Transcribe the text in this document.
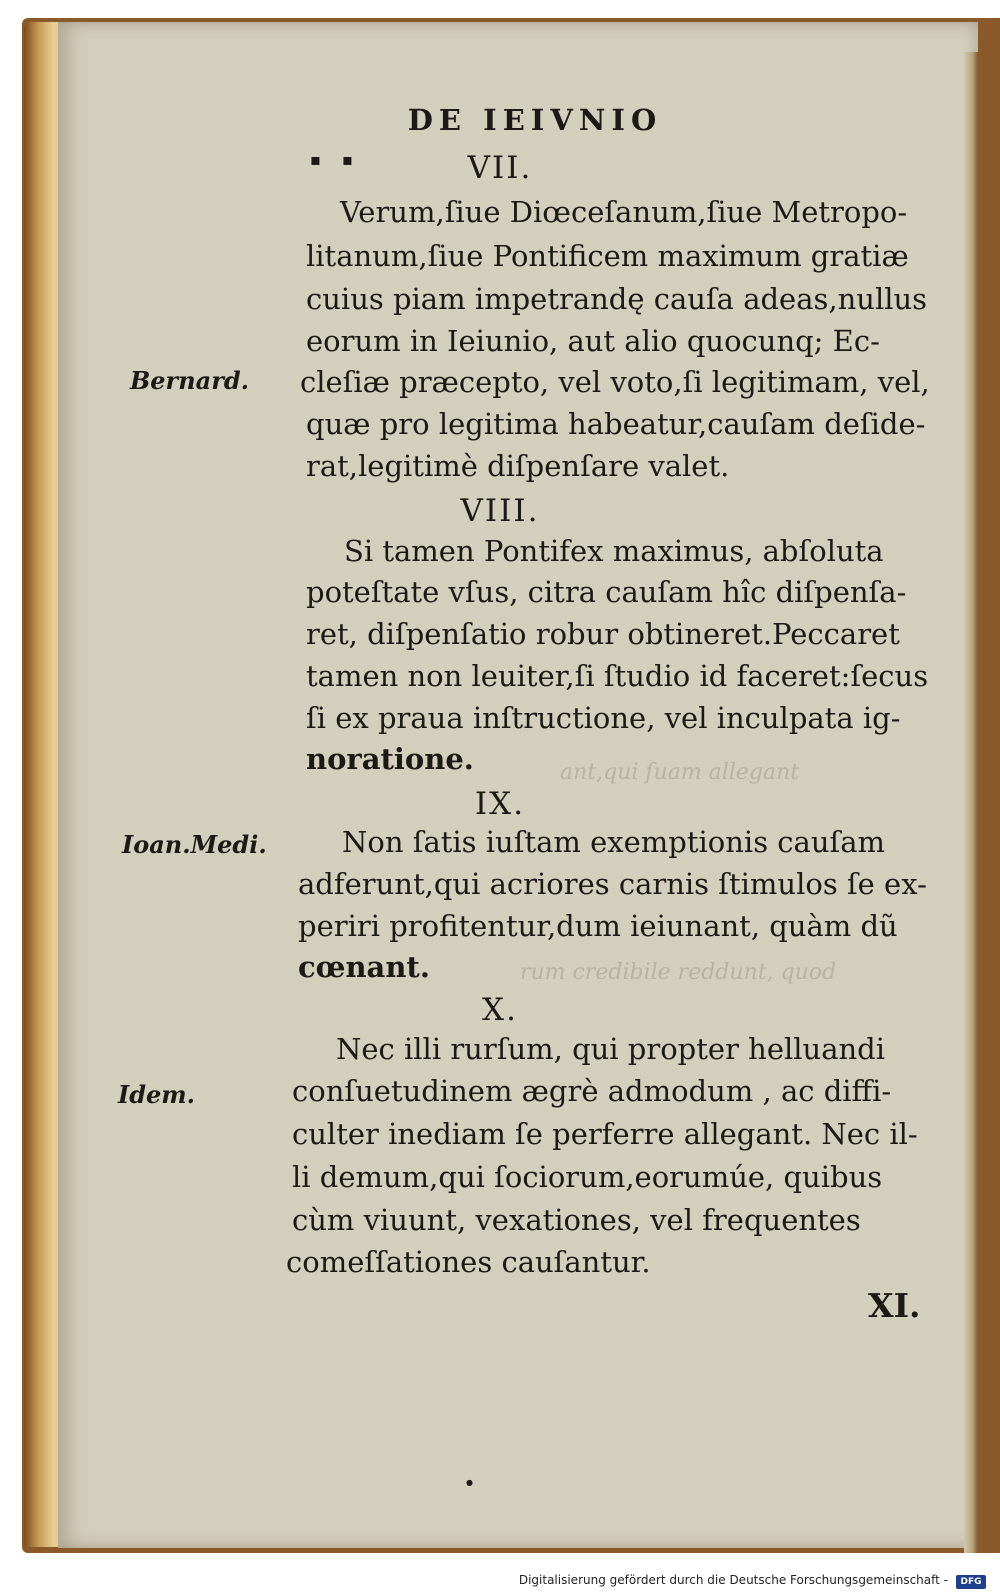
ant,qui ſuam allegant
rum credibile reddunt, quod
DE IEIVNIO
VII.
Verum,ſiue Diœceſanum,ſiue Metropo-
litanum,ſiue Pontificem maximum gratiæ
cuius piam impetrandę cauſa adeas,nullus
eorum in Ieiunio, aut alio quocunq; Ec-
cleſiæ præcepto, vel voto,ſi legitimam, vel,
quæ pro legitima habeatur,cauſam deſide-
rat,legitimè diſpenſare valet.
Bernard.
VIII.
Si tamen Pontifex maximus, abſoluta
poteſtate vſus, citra cauſam hîc diſpenſa-
ret, diſpenſatio robur obtineret.Peccaret
tamen non leuiter,ſi ſtudio id faceret:ſecus
ſi ex praua inſtructione, vel inculpata ig-
noratione.
IX.
Non ſatis iuſtam exemptionis cauſam
adferunt,qui acriores carnis ſtimulos ſe ex-
periri profitentur,dum ieiunant, quàm dũ
cœnant.
Ioan.Medi.
X.
Nec illi rurſum, qui propter helluandi
conſuetudinem ægrè admodum , ac diffi-
culter inediam ſe perferre allegant. Nec il-
li demum,qui ſociorum,eorumúe, quibus
cùm viuunt, vexationes, vel frequentes
comeſſationes cauſantur.
Idem.
XI.
▪ ▪
●
Digitalisierung gefördert durch die Deutsche Forschungsgemeinschaft -	DFG
